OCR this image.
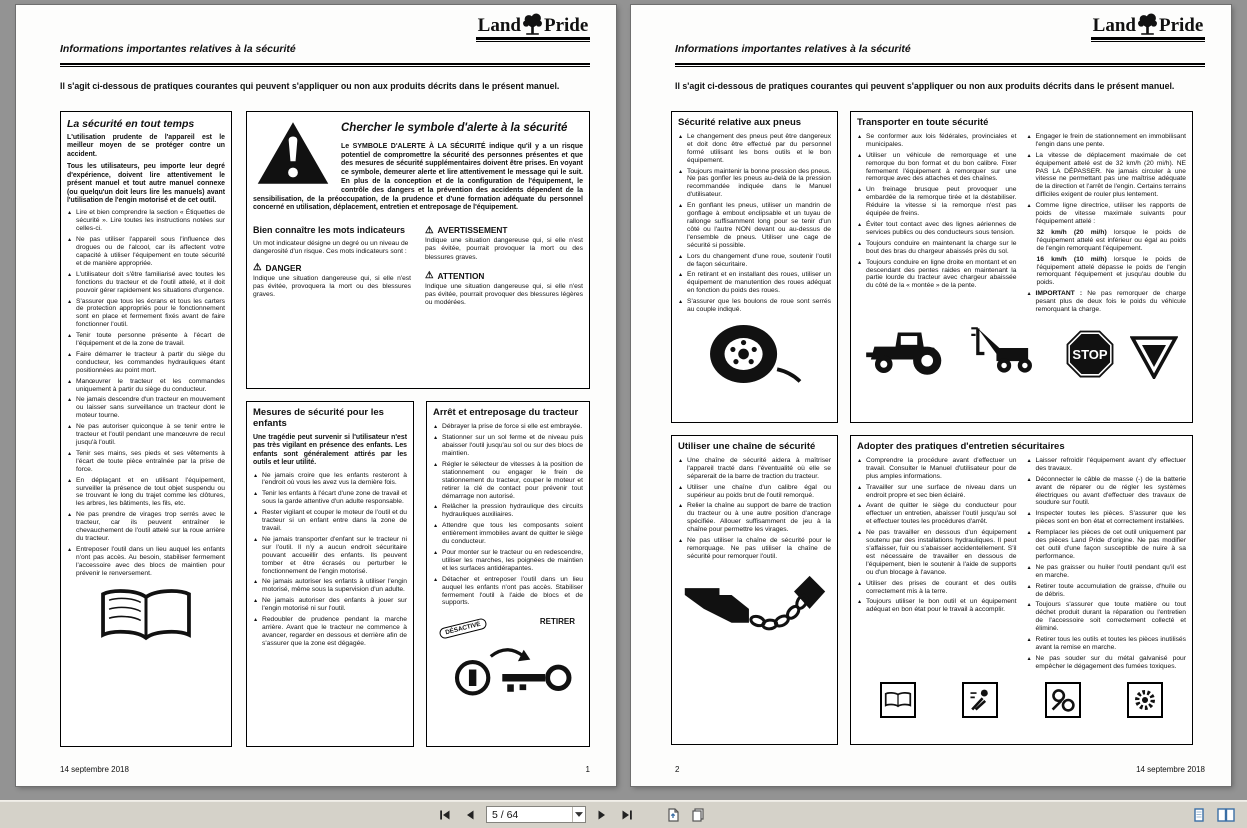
Informations importantes relatives à la sécurité
Land Pride

Il s'agit ci-dessous de pratiques courantes qui peuvent s'appliquer ou non aux produits décrits dans le présent manuel.

La sécurité en tout temps

L'utilisation prudente de l'appareil est le meilleur moyen de se protéger contre un accident.

Tous les utilisateurs, peu importe leur degré d'expérience, doivent lire attentivement le présent manuel et tout autre manuel connexe (ou quelqu'un doit leurs lire les manuels) avant l'utilisation de l'engin motorisé et de cet outil.

▲ Lire et bien comprendre la section « Étiquettes de sécurité ». Lire toutes les instructions notées sur celles-ci.
▲ Ne pas utiliser l'appareil sous l'influence des drogues ou de l'alcool, car ils affectent votre capacité à utiliser l'équipement en toute sécurité et de manière appropriée.
▲ L'utilisateur doit s'être familiarisé avec toutes les fonctions du tracteur et de l'outil attelé, et il doit pouvoir gérer rapidement les situations d'urgence.
▲ S'assurer que tous les écrans et tous les carters de protection appropriés pour le fonctionnement sont en place et fermement fixés avant de faire fonctionner l'outil.
▲ Tenir toute personne présente à l'écart de l'équipement et de la zone de travail.
▲ Faire démarrer le tracteur à partir du siège du conducteur, les commandes hydrauliques étant positionnées au point mort.
▲ Manœuvrer le tracteur et les commandes uniquement à partir du siège du conducteur.
▲ Ne jamais descendre d'un tracteur en mouvement ou laisser sans surveillance un tracteur dont le moteur tourne.
▲ Ne pas autoriser quiconque à se tenir entre le tracteur et l'outil pendant une manœuvre de recul jusqu'à l'outil.
▲ Tenir ses mains, ses pieds et ses vêtements à l'écart de toute pièce entraînée par la prise de force.
▲ En déplaçant et en utilisant l'équipement, surveiller la présence de tout objet suspendu ou se trouvant le long du trajet comme les clôtures, les arbres, les bâtiments, les fils, etc.
▲ Ne pas prendre de virages trop serrés avec le tracteur, car ils peuvent entraîner le chevauchement de l'outil attelé sur la roue arrière du tracteur.
▲ Entreposer l'outil dans un lieu auquel les enfants n'ont pas accès. Au besoin, stabiliser fermement l'accessoire avec des blocs de maintien pour prévenir le renversement.
Chercher le symbole d'alerte à la sécurité

Le SYMBOLE D'ALERTE À LA SÉCURITÉ indique qu'il y a un risque potentiel de compromettre la sécurité des personnes présentes et que des mesures de sécurité supplémentaires doivent être prises. En voyant ce symbole, demeurer alerte et lire attentivement le message qui le suit. En plus de la conception et de la configuration de l'équipement, le contrôle des dangers et la prévention des accidents dépendent de la sensibilisation, de la préoccupation, de la prudence et d'une formation adéquate du personnel concerné en utilisation, déplacement, entretien et entreposage de l'équipement.

Bien connaître les mots indicateurs

Un mot indicateur désigne un degré ou un niveau de dangerosité d'un risque. Ces mots indicateurs sont :

⚠ DANGER
Indique une situation dangereuse qui, si elle n'est pas évitée, provoquera la mort ou des blessures graves.
⚠ AVERTISSEMENT
Indique une situation dangereuse qui, si elle n'est pas évitée, pourrait provoquer la mort ou des blessures graves.
⚠ ATTENTION
Indique une situation dangereuse qui, si elle n'est pas évitée, pourrait provoquer des blessures légères ou modérées.
Mesures de sécurité pour les enfants

Une tragédie peut survenir si l'utilisateur n'est pas très vigilant en présence des enfants. Les enfants sont généralement attirés par les outils et leur utilité.

▲ Ne jamais croire que les enfants resteront à l'endroit où vous les avez vus la dernière fois.
▲ Tenir les enfants à l'écart d'une zone de travail et sous la garde attentive d'un adulte responsable.
▲ Rester vigilant et couper le moteur de l'outil et du tracteur si un enfant entre dans la zone de travail.
▲ Ne jamais transporter d'enfant sur le tracteur ni sur l'outil. Il n'y a aucun endroit sécuritaire pouvant accueillir des enfants. Ils peuvent tomber et être écrasés ou perturber le fonctionnement de l'engin motorisé.
▲ Ne jamais autoriser les enfants à utiliser l'engin motorisé, même sous la supervision d'un adulte.
▲ Ne jamais autoriser des enfants à jouer sur l'engin motorisé ni sur l'outil.
▲ Redoubler de prudence pendant la marche arrière. Avant que le tracteur ne commence à avancer, regarder en dessous et derrière afin de s'assurer que la zone est dégagée.
Arrêt et entreposage du tracteur
▲ Débrayer la prise de force si elle est embrayée.
▲ Stationner sur un sol ferme et de niveau puis abaisser l'outil jusqu'au sol ou sur des blocs de maintien.
▲ Régler le sélecteur de vitesses à la position de stationnement ou engager le frein de stationnement du tracteur, couper le moteur et retirer la clé de contact pour prévenir tout démarrage non autorisé.
▲ Relâcher la pression hydraulique des circuits hydrauliques auxiliaires.
▲ Attendre que tous les composants soient entièrement immobiles avant de quitter le siège du conducteur.
▲ Pour monter sur le tracteur ou en redescendre, utiliser les marches, les poignées de maintien et les surfaces antidérapantes.
▲ Détacher et entreposer l'outil dans un lieu auquel les enfants n'ont pas accès. Stabiliser fermement l'outil à l'aide de blocs et de supports.
DÉSACTIVÉ	RETIRER
14 septembre 2018	1
Informations importantes relatives à la sécurité
Land Pride

Il s'agit ci-dessous de pratiques courantes qui peuvent s'appliquer ou non aux produits décrits dans le présent manuel.

Sécurité relative aux pneus
▲ Le changement des pneus peut être dangereux et doit donc être effectué par du personnel formé utilisant les bons outils et le bon équipement.
▲ Toujours maintenir la bonne pression des pneus. Ne pas gonfler les pneus au-delà de la pression recommandée indiquée dans le Manuel d'utilisateur.
▲ En gonflant les pneus, utiliser un mandrin de gonflage à embout enclipsable et un tuyau de rallonge suffisamment long pour se tenir d'un côté ou l'autre NON devant ou au-dessus de l'ensemble de pneus. Utiliser une cage de sécurité si possible.
▲ Lors du changement d'une roue, soutenir l'outil de façon sécuritaire.
▲ En retirant et en installant des roues, utiliser un équipement de manutention des roues adéquat en fonction du poids des roues.
▲ S'assurer que les boulons de roue sont serrés au couple indiqué.
Transporter en toute sécurité
▲ Se conformer aux lois fédérales, provinciales et municipales.
▲ Utiliser un véhicule de remorquage et une remorque du bon format et du bon calibre. Fixer fermement l'équipement à remorquer sur une remorque avec des attaches et des chaînes.
▲ Un freinage brusque peut provoquer une embardée de la remorque tirée et la déstabiliser. Réduire la vitesse si la remorque n'est pas équipée de freins.
▲ Éviter tout contact avec des lignes aériennes de services publics ou des conducteurs sous tension.
▲ Toujours conduire en maintenant la charge sur le bout des bras du chargeur abaissés près du sol.
▲ Toujours conduire en ligne droite en montant et en descendant des pentes raides en maintenant la partie lourde du tracteur avec chargeur abaissée du côté de la « montée » de la pente.
▲ Engager le frein de stationnement en immobilisant l'engin dans une pente.
▲ La vitesse de déplacement maximale de cet équipement attelé est de 32 km/h (20 mi/h). NE PAS LA DÉPASSER. Ne jamais circuler à une vitesse ne permettant pas une maîtrise adéquate de la direction et l'arrêt de l'engin. Certains terrains difficiles exigent de rouler plus lentement.
▲ Comme ligne directrice, utiliser les rapports de poids de vitesse maximale suivants pour l'équipement attelé :
32 km/h (20 mi/h) lorsque le poids de l'équipement attelé est inférieur ou égal au poids de l'engin remorquant l'équipement.
16 km/h (10 mi/h) lorsque le poids de l'équipement attelé dépasse le poids de l'engin remorquant l'équipement et jusqu'au double du poids.
▲ IMPORTANT : Ne pas remorquer de charge pesant plus de deux fois le poids du véhicule remorquant la charge.
STOP
Utiliser une chaîne de sécurité
▲ Une chaîne de sécurité aidera à maîtriser l'appareil tracté dans l'éventualité où elle se séparerait de la barre de traction du tracteur.
▲ Utiliser une chaîne d'un calibre égal ou supérieur au poids brut de l'outil remorqué.
▲ Relier la chaîne au support de barre de traction du tracteur ou à une autre position d'ancrage spécifiée. Allouer suffisamment de jeu à la chaîne pour permettre les virages.
▲ Ne pas utiliser la chaîne de sécurité pour le remorquage. Ne pas utiliser la chaîne de sécurité pour remorquer l'outil.
Adopter des pratiques d'entretien sécuritaires
▲ Comprendre la procédure avant d'effectuer un travail. Consulter le Manuel d'utilisateur pour de plus amples informations.
▲ Travailler sur une surface de niveau dans un endroit propre et sec bien éclairé.
▲ Avant de quitter le siège du conducteur pour effectuer un entretien, abaisser l'outil jusqu'au sol et effectuer toutes les procédures d'arrêt.
▲ Ne pas travailler en dessous d'un équipement soutenu par des installations hydrauliques. Il peut s'affaisser, fuir ou s'abaisser accidentellement. S'il est nécessaire de travailler en dessous de l'équipement, bien le soutenir à l'aide de supports ou d'un blocage à l'avance.
▲ Utiliser des prises de courant et des outils correctement mis à la terre.
▲ Toujours utiliser le bon outil et un équipement adéquat en bon état pour le travail à accomplir.
▲ Laisser refroidir l'équipement avant d'y effectuer des travaux.
▲ Déconnecter le câble de masse (-) de la batterie avant de réparer ou de régler les systèmes électriques ou avant d'effectuer des travaux de soudure sur l'outil.
▲ Inspecter toutes les pièces. S'assurer que les pièces sont en bon état et correctement installées.
▲ Remplacer les pièces de cet outil uniquement par des pièces Land Pride d'origine. Ne pas modifier cet outil d'une façon susceptible de nuire à sa performance.
▲ Ne pas graisser ou huiler l'outil pendant qu'il est en marche.
▲ Retirer toute accumulation de graisse, d'huile ou de débris.
▲ Toujours s'assurer que toute matière ou tout déchet produit durant la réparation ou l'entretien de l'accessoire soit correctement collecté et éliminé.
▲ Retirer tous les outils et toutes les pièces inutilisés avant la remise en marche.
▲ Ne pas souder sur du métal galvanisé pour empêcher le dégagement des fumées toxiques.
2	14 septembre 2018
5 / 64
